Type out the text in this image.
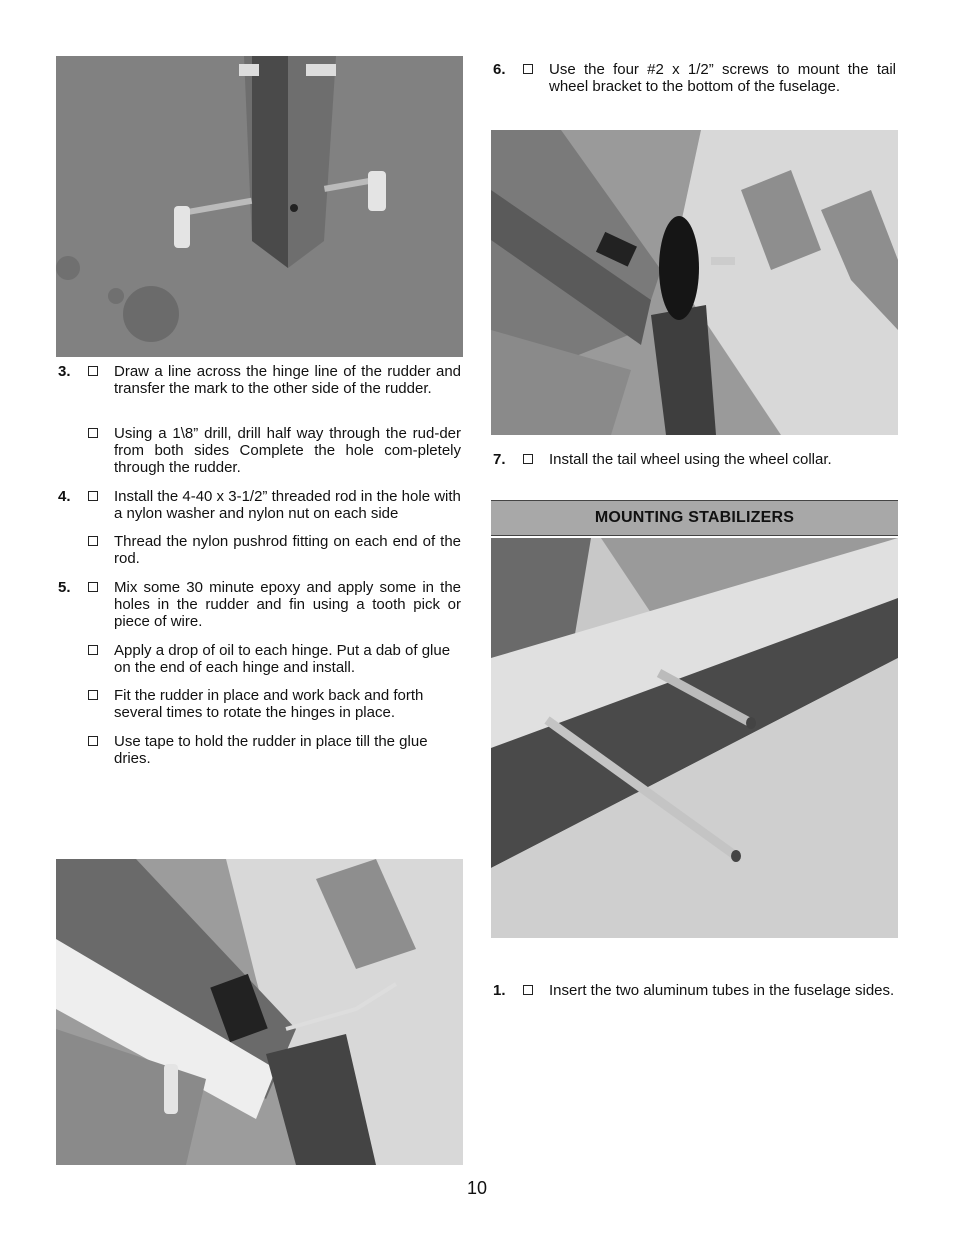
3.	Draw a line across the hinge line of the rudder and transfer the mark to the other side of the rudder.
Using a 1\8” drill, drill half way through the rud-der from both sides Complete the hole com-pletely through the rudder.
4.	Install the 4-40 x 3-1/2” threaded rod in the hole with a nylon washer and nylon nut on each side
Thread the nylon pushrod fitting on each end of the rod.
5.	Mix some 30 minute epoxy and apply some in the holes in the rudder and fin using a tooth pick or piece of wire.
Apply a drop of oil to each hinge. Put a dab of glue on the end of each hinge and install.
Fit the rudder in place and work back and forth several times to rotate the hinges in place.
Use tape to hold the rudder in place till the glue dries.
6.	Use the four #2 x 1/2” screws to mount the tail wheel bracket to the bottom of the fuselage.
7.	Install the tail wheel using the wheel collar.
MOUNTING STABILIZERS
1.	Insert the two aluminum tubes in the fuselage sides.
10
